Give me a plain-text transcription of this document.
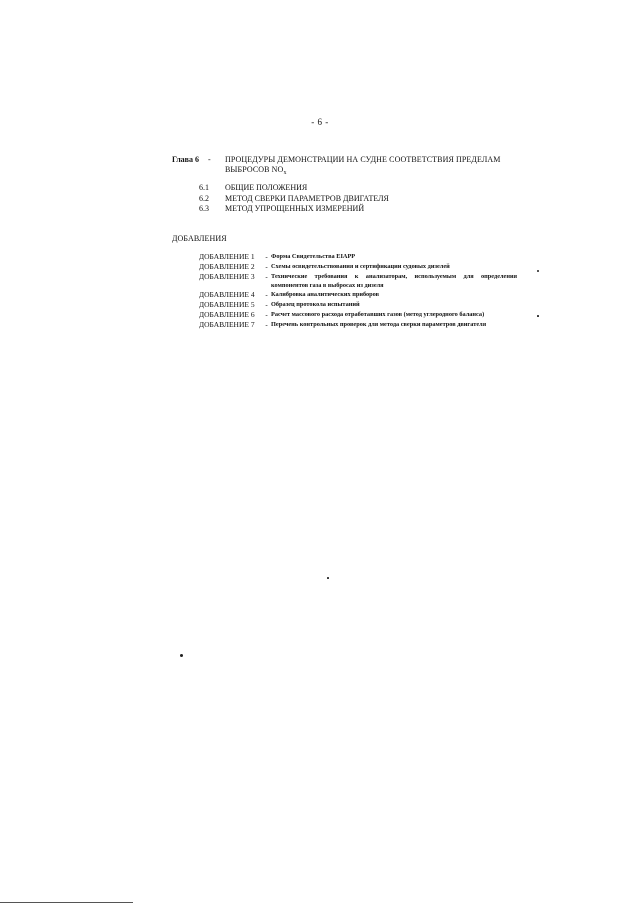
- 6 -
Глава 6 - ПРОЦЕДУРЫ ДЕМОНСТРАЦИИ НА СУДНЕ СООТВЕТСТВИЯ ПРЕДЕЛАМ ВЫБРОСОВ $NO_x$
6.1	ОБЩИЕ ПОЛОЖЕНИЯ
6.2	МЕТОД СВЕРКИ ПАРАМЕТРОВ ДВИГАТЕЛЯ
6.3	МЕТОД УПРОЩЕННЫХ ИЗМЕРЕНИЙ
ДОБАВЛЕНИЯ
ДОБАВЛЕНИЕ 1	- Форма Свидетельства EIAPP
ДОБАВЛЕНИЕ 2	- Схемы освидетельствования и сертификации судовых дизелей
ДОБАВЛЕНИЕ 3	- Технические требования к анализаторам, используемым для определения компонентов газа в выбросах из дизеля
ДОБАВЛЕНИЕ 4	- Калибровка аналитических приборов
ДОБАВЛЕНИЕ 5	- Образец протокола испытаний
ДОБАВЛЕНИЕ 6	- Расчет массового расхода отработавших газов (метод углеродного баланса)
ДОБАВЛЕНИЕ 7	- Перечень контрольных проверок для метода сверки параметров двигателя
